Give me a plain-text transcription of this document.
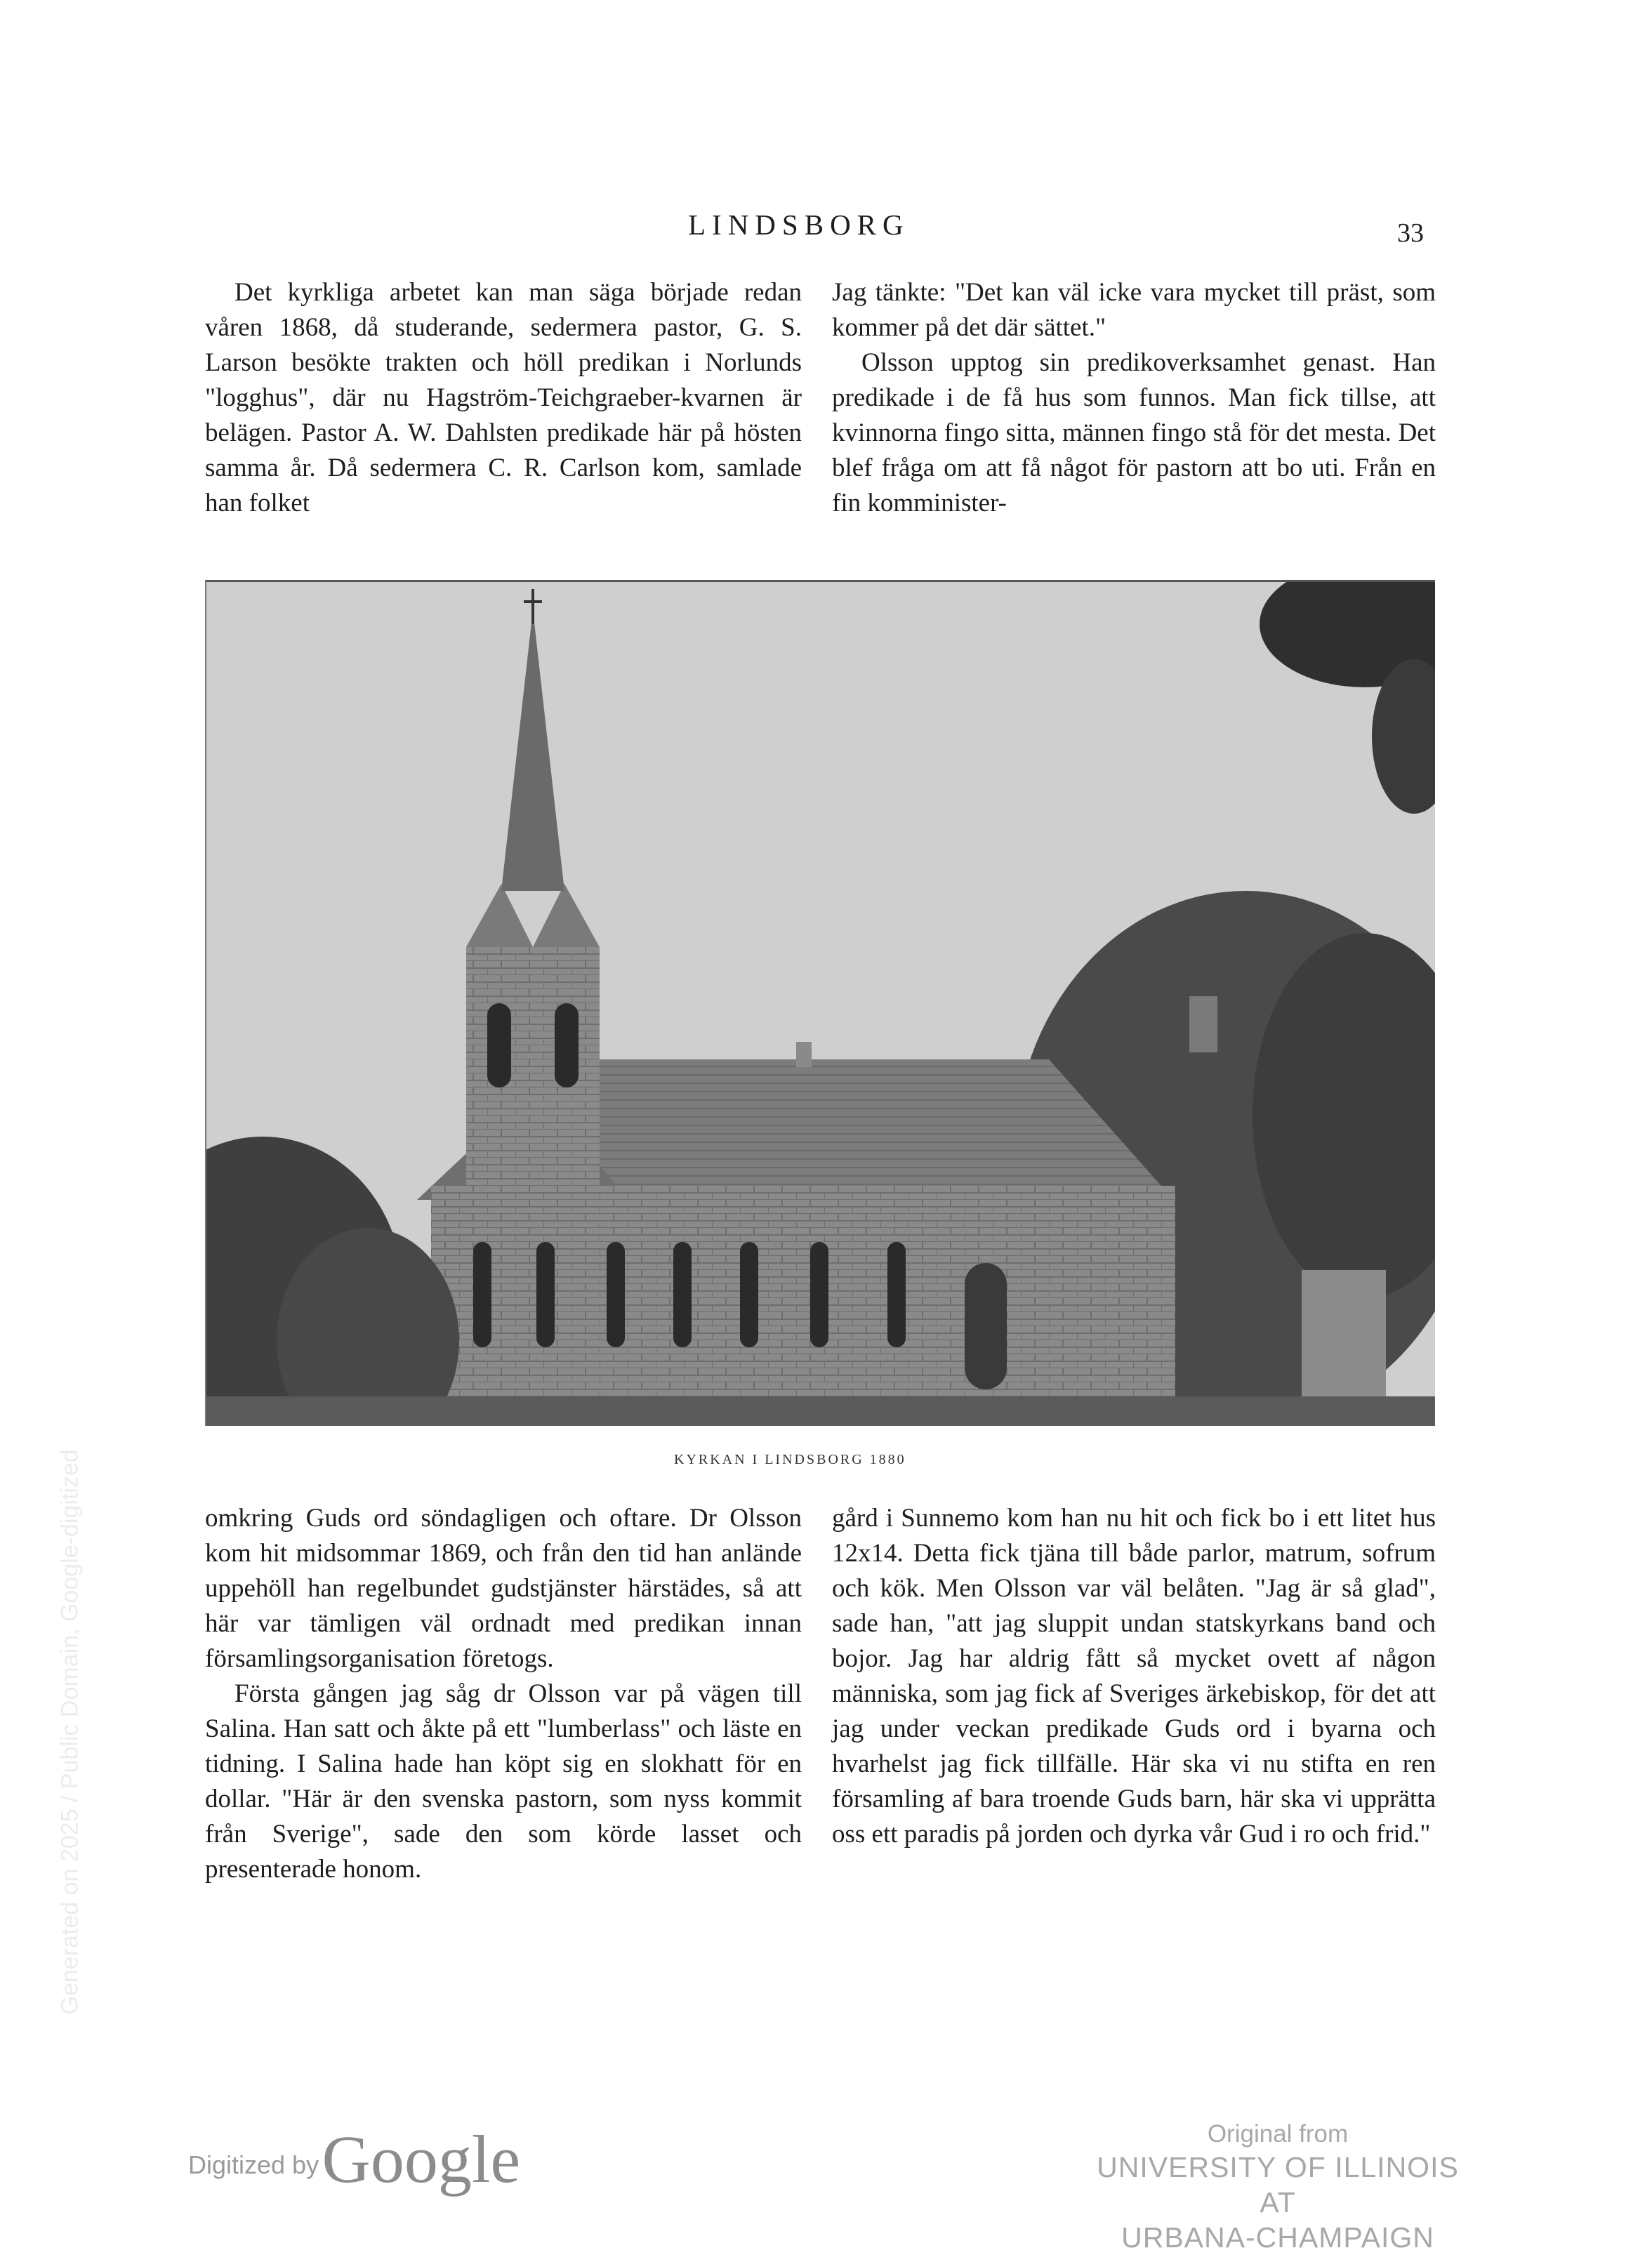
Generated on 2025 / Public Domain, Google-digitized
LINDSBORG	33

Det kyrkliga arbetet kan man säga började redan våren 1868, då studerande, sedermera pastor, G. S. Larson besökte trakten och höll predikan i Norlunds "logghus", där nu Hagström-Teichgraeber-kvarnen är belägen. Pastor A. W. Dahlsten predikade här på hösten samma år. Då sedermera C. R. Carlson kom, samlade han folket

Jag tänkte: "Det kan väl icke vara mycket till präst, som kommer på det där sättet."

Olsson upptog sin predikoverksamhet genast. Han predikade i de få hus som funnos. Man fick tillse, att kvinnorna fingo sitta, männen fingo stå för det mesta. Det blef fråga om att få något för pastorn att bo uti. Från en fin komminister-

KYRKAN I LINDSBORG 1880

omkring Guds ord söndagligen och oftare. Dr Olsson kom hit midsommar 1869, och från den tid han anlände uppehöll han regelbundet gudstjänster härstädes, så att här var tämligen väl ordnadt med predikan innan församlingsorganisation företogs.

Första gången jag såg dr Olsson var på vägen till Salina. Han satt och åkte på ett "lumberlass" och läste en tidning. I Salina hade han köpt sig en slokhatt för en dollar. "Här är den svenska pastorn, som nyss kommit från Sverige", sade den som körde lasset och presenterade honom.

gård i Sunnemo kom han nu hit och fick bo i ett litet hus 12x14. Detta fick tjäna till både parlor, matrum, sofrum och kök. Men Olsson var väl belåten. "Jag är så glad", sade han, "att jag sluppit undan statskyrkans band och bojor. Jag har aldrig fått så mycket ovett af någon människa, som jag fick af Sveriges ärkebiskop, för det att jag under veckan predikade Guds ord i byarna och hvarhelst jag fick tillfälle. Här ska vi nu stifta en ren församling af bara troende Guds barn, här ska vi upprätta oss ett paradis på jorden och dyrka vår Gud i ro och frid."

Digitized by Google	Original from
UNIVERSITY OF ILLINOIS AT
URBANA-CHAMPAIGN
